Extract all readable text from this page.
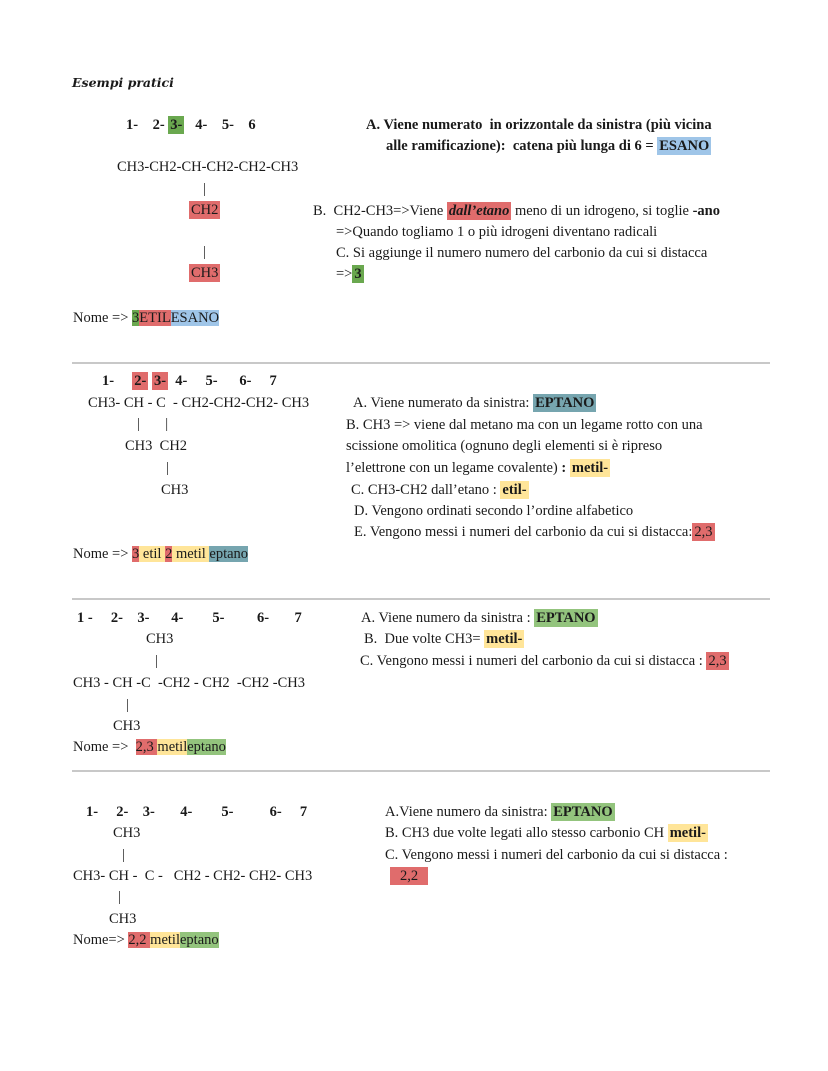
Esempi pratici
1-    2- 3-   4-    5-    6
CH3-CH2-CH-CH2-CH2-CH3
|
CH2
|
CH3
A. Viene numerato  in orizzontale da sinistra (più vicina
alle ramificazione):  catena più lunga di 6 = ESANO
B.  CH2-CH3=>Viene dall’etano meno di un idrogeno, si toglie -ano
=>Quando togliamo 1 o più idrogeni diventano radicali
C. Si aggiunge il numero numero del carbonio da cui si distacca
=> 3
Nome => 3ETILESANO
1-     2- 3-  4-     5-      6-     7
CH3- CH - C  - CH2-CH2-CH2- CH3
|       |
CH3  CH2
|
CH3
A. Viene numerato da sinistra: EPTANO
B. CH3 => viene dal metano ma con un legame rotto con una
scissione omolitica (ognuno degli elementi si è ripreso
l’elettrone con un legame covalente) : metil-
C. CH3-CH2 dall’etano : etil-
D. Vengono ordinati secondo l’ordine alfabetico
E. Vengono messi i numeri del carbonio da cui si distacca: 2,3
Nome => 3 etil 2 metil eptano
1 -     2-    3-      4-        5-         6-       7
CH3
|
CH3 - CH -C  -CH2 - CH2  -CH2 -CH3
|
CH3
A. Viene numero da sinistra : EPTANO
B.  Due volte CH3= metil-
C. Vengono messi i numeri del carbonio da cui si distacca : 2,3
Nome =>  2,3 metileptano
1-     2-    3-       4-        5-          6-     7
CH3
|
CH3- CH -  C -   CH2 - CH2- CH2- CH3
|
CH3
A.Viene numero da sinistra: EPTANO
B. CH3 due volte legati allo stesso carbonio CH metil-
C. Vengono messi i numeri del carbonio da cui si distacca :
2,2
Nome=> 2,2 metileptano
